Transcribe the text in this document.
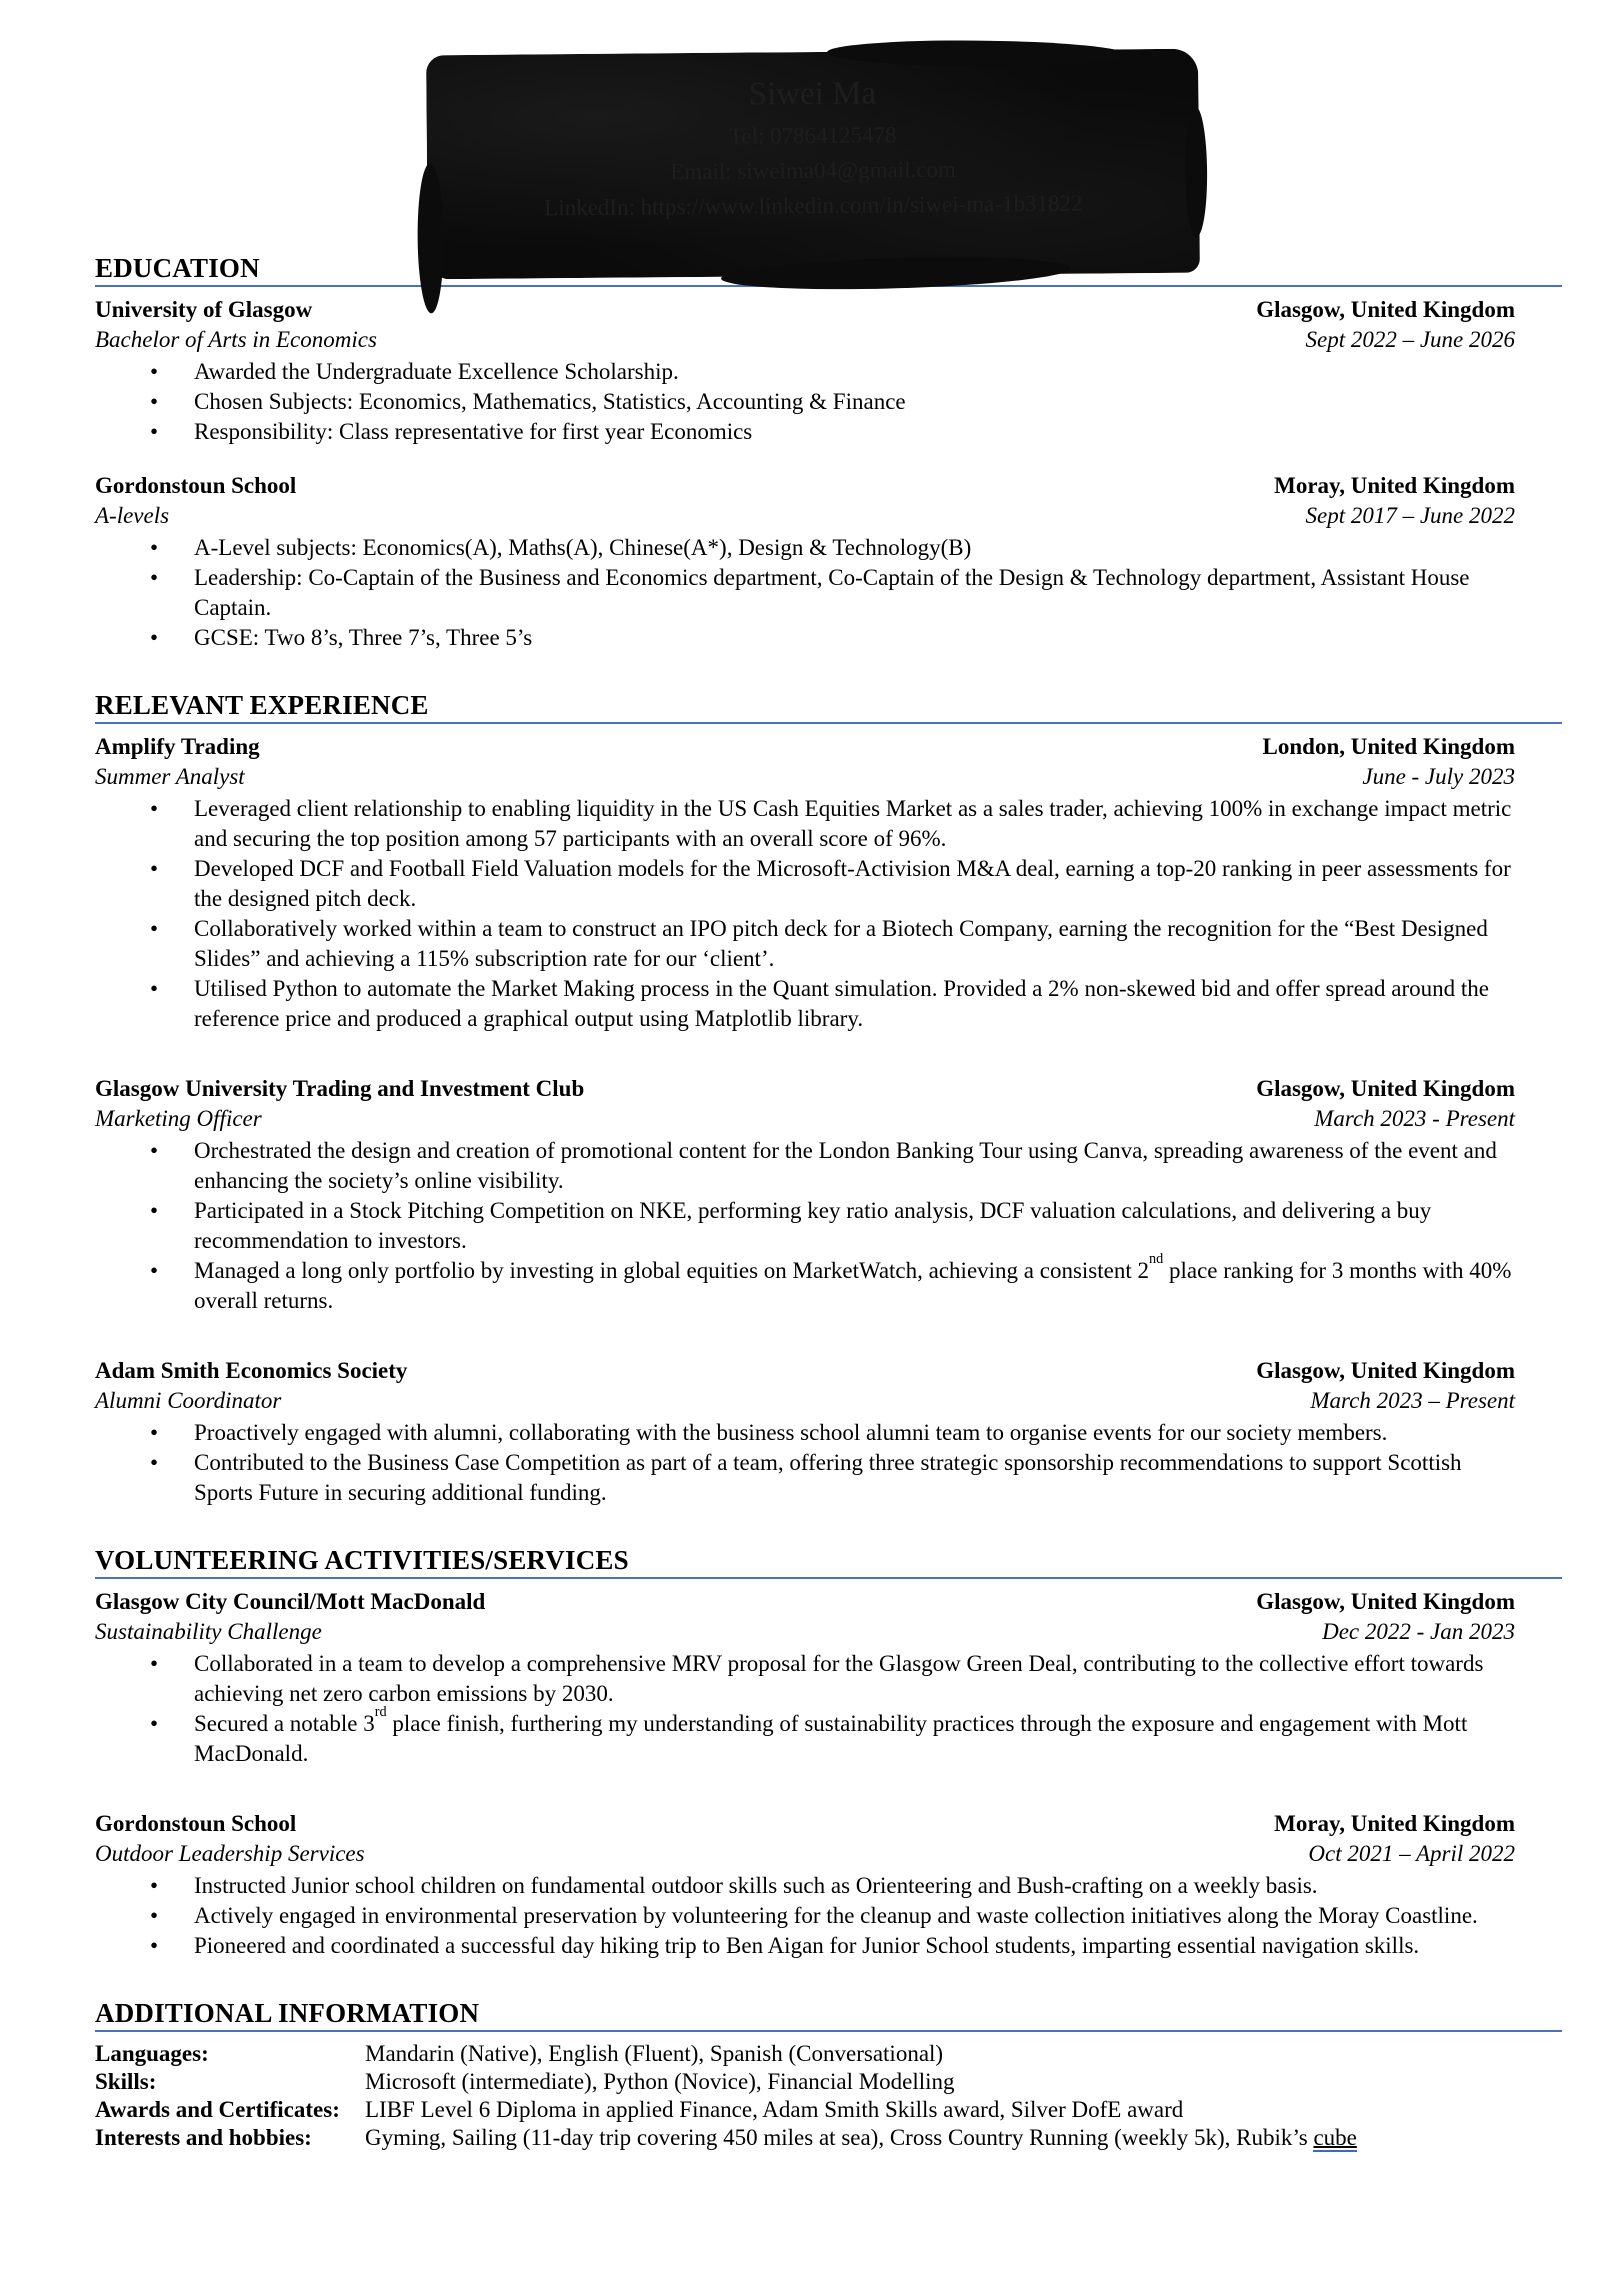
Siwei Ma
Tel: 07864125478
Email: siweima04@gmail.com
LinkedIn: https://www.linkedin.com/in/siwei-ma-1b31822
EDUCATION
University of Glasgow	Glasgow, United Kingdom
Bachelor of Arts in Economics	Sept 2022 – June 2026
•
Awarded the Undergraduate Excellence Scholarship.
•
Chosen Subjects: Economics, Mathematics, Statistics, Accounting & Finance
•
Responsibility: Class representative for first year Economics
Gordonstoun School	Moray, United Kingdom
A-levels	Sept 2017 – June 2022
•
A-Level subjects: Economics(A), Maths(A), Chinese(A*), Design & Technology(B)
•
Leadership: Co-Captain of the Business and Economics department, Co-Captain of the Design & Technology department, Assistant House Captain.
•
GCSE: Two 8’s, Three 7’s, Three 5’s
RELEVANT EXPERIENCE
Amplify Trading	London, United Kingdom
Summer Analyst	June - July 2023
•
Leveraged client relationship to enabling liquidity in the US Cash Equities Market as a sales trader, achieving 100% in exchange impact metric and securing the top position among 57 participants with an overall score of 96%.
•
Developed DCF and Football Field Valuation models for the Microsoft-Activision M&A deal, earning a top-20 ranking in peer assessments for the designed pitch deck.
•
Collaboratively worked within a team to construct an IPO pitch deck for a Biotech Company, earning the recognition for the “Best Designed Slides” and achieving a 115% subscription rate for our ‘client’.
•
Utilised Python to automate the Market Making process in the Quant simulation. Provided a 2% non-skewed bid and offer spread around the reference price and produced a graphical output using Matplotlib library.
Glasgow University Trading and Investment Club	Glasgow, United Kingdom
Marketing Officer	March 2023 - Present
•
Orchestrated the design and creation of promotional content for the London Banking Tour using Canva, spreading awareness of the event and enhancing the society’s online visibility.
•
Participated in a Stock Pitching Competition on NKE, performing key ratio analysis, DCF valuation calculations, and delivering a buy recommendation to investors.
•
Managed a long only portfolio by investing in global equities on MarketWatch, achieving a consistent 2nd place ranking for 3 months with 40% overall returns.
Adam Smith Economics Society	Glasgow, United Kingdom
Alumni Coordinator	March 2023 – Present
•
Proactively engaged with alumni, collaborating with the business school alumni team to organise events for our society members.
•
Contributed to the Business Case Competition as part of a team, offering three strategic sponsorship recommendations to support Scottish Sports Future in securing additional funding.
VOLUNTEERING ACTIVITIES/SERVICES
Glasgow City Council/Mott MacDonald	Glasgow, United Kingdom
Sustainability Challenge	Dec 2022 - Jan 2023
•
Collaborated in a team to develop a comprehensive MRV proposal for the Glasgow Green Deal, contributing to the collective effort towards achieving net zero carbon emissions by 2030.
•
Secured a notable 3rd place finish, furthering my understanding of sustainability practices through the exposure and engagement with Mott MacDonald.
Gordonstoun School	Moray, United Kingdom
Outdoor Leadership Services	Oct 2021 – April 2022
•
Instructed Junior school children on fundamental outdoor skills such as Orienteering and Bush-crafting on a weekly basis.
•
Actively engaged in environmental preservation by volunteering for the cleanup and waste collection initiatives along the Moray Coastline.
•
Pioneered and coordinated a successful day hiking trip to Ben Aigan for Junior School students, imparting essential navigation skills.
ADDITIONAL INFORMATION
Languages:	Mandarin (Native), English (Fluent), Spanish (Conversational)
Skills:	Microsoft (intermediate), Python (Novice), Financial Modelling
Awards and Certificates:	LIBF Level 6 Diploma in applied Finance, Adam Smith Skills award, Silver DofE award
Interests and hobbies:	Gyming, Sailing (11-day trip covering 450 miles at sea), Cross Country Running (weekly 5k), Rubik’s cube
